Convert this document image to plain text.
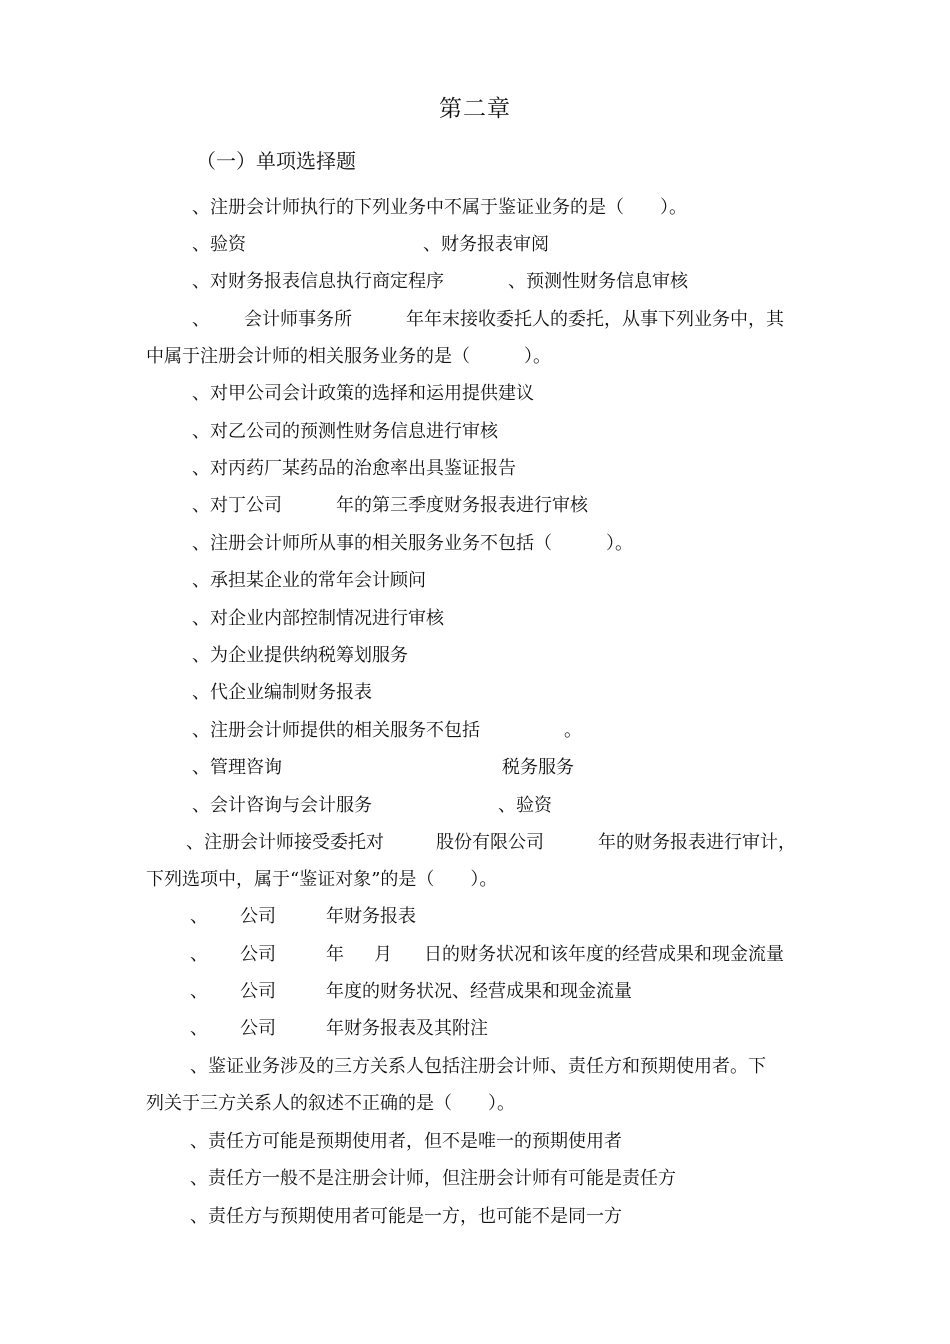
第二章
（一）单项选择题
、注册会计师执行的下列业务中不属于鉴证业务的是（　　）。
、验资	、财务报表审阅
、对财务报表信息执行商定程序	、预测性财务信息审核
、 会计师事务所	年年末接收委托人的委托，从事下列业务中，其
中属于注册会计师的相关服务业务的是（　　　）。
、对甲公司会计政策的选择和运用提供建议
、对乙公司的预测性财务信息进行审核
、对丙药厂某药品的治愈率出具鉴证报告
、对丁公司	年的第三季度财务报表进行审核
、注册会计师所从事的相关服务业务不包括（　　　）。
、承担某企业的常年会计顾问
、对企业内部控制情况进行审核
、为企业提供纳税筹划服务
、代企业编制财务报表
、注册会计师提供的相关服务不包括	。
、管理咨询	税务服务
、会计咨询与会计服务	、验资
、注册会计师接受委托对	股份有限公司	年的财务报表进行审计，
下列选项中，属于“鉴证对象”的是（　　）。
、 公司	年财务报表
、 公司	年 月 日的财务状况和该年度的经营成果和现金流量
、 公司	年度的财务状况、经营成果和现金流量
、 公司	年财务报表及其附注
、鉴证业务涉及的三方关系人包括注册会计师、责任方和预期使用者。下
列关于三方关系人的叙述不正确的是（　　）。
、责任方可能是预期使用者，但不是唯一的预期使用者
、责任方一般不是注册会计师，但注册会计师有可能是责任方
、责任方与预期使用者可能是一方，也可能不是同一方
